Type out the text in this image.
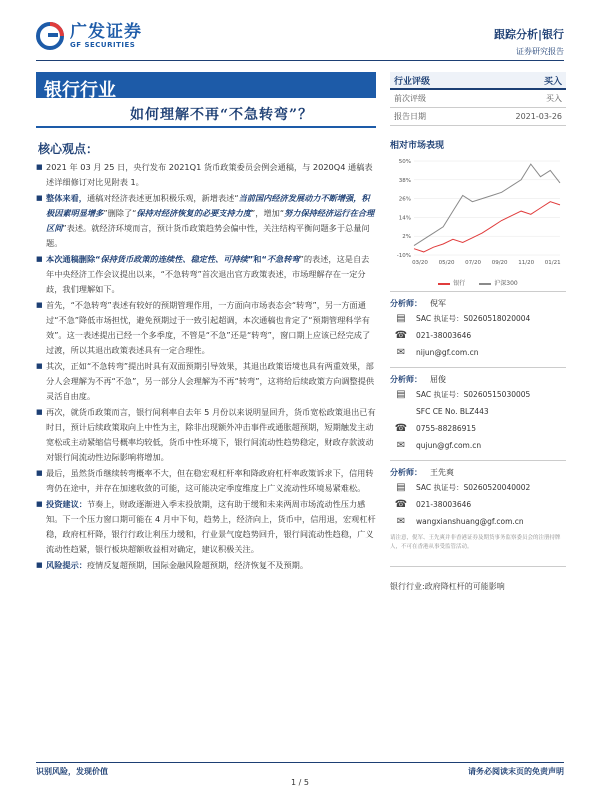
广发证券
GF SECURITIES
跟踪分析|银行
证券研究报告
银行行业
如何理解不再“不急转弯”？
核心观点：

■ 2021 年 03 月 25 日，央行发布 2021Q1 货币政策委员会例会通稿，与 2020Q4 通稿表述详细修订对比见附表 1。

■ 整体来看，通稿对经济表述更加积极乐观，新增表述“当前国内经济发展动力不断增强，积极因素明显增多”删除了“保持对经济恢复的必要支持力度”，增加“努力保持经济运行在合理区间”表述。就经济环境而言，预计货币政策趋势会偏中性，关注结构平衡问题多于总量问题。

■ 本次通稿删除“保持货币政策的连续性、稳定性、可持续”和“不急转弯”的表述，这是自去年中央经济工作会议提出以来，“不急转弯”首次退出官方政策表述，市场理解存在一定分歧，我们理解如下。

■ 首先，“不急转弯”表述有较好的预期管理作用，一方面向市场表态会“转弯”，另一方面通过“不急”降低市场担忧，避免预期过于一致引起超调，本次通稿也肯定了“预期管理科学有效”。这一表述提出已经一个多季度，不管是“不急”还是“转弯”，窗口期上应该已经完成了过渡，所以其退出政策表述具有一定合理性。

■ 其次，正如“不急转弯”提出时具有双面预期引导效果，其退出政策语境也具有两重效果，部分人会理解为不再“不急”，另一部分人会理解为不再“转弯”，这将给后续政策方向调整提供灵活自由度。

■ 再次，就货币政策而言，银行间利率自去年 5 月份以来说明显回升，货币宽松政策退出已有时日，预计后续政策取向上中性为主，除非出现额外冲击事件或通胀超预期，短期触发主动宽松或主动紧缩信号概率均较低，货币中性环境下，银行间流动性趋势稳定，财政存款波动对银行间流动性边际影响将增加。

■ 最后，虽然货币继续转弯概率不大，但在稳宏观杠杆率和降政府杠杆率政策诉求下，信用转弯仍在途中，并存在加速收敛的可能，这可能决定季度维度上广义流动性环境易紧难松。

■ 投资建议：节奏上，财政逐渐进入季末投放期，这有助于缓和未来两周市场流动性压力感知。下一个压力窗口期可能在 4 月中下旬，趋势上，经济向上，货币中，信用退，宏观杠杆稳，政府杠杆降，银行行政让利压力缓和，行业景气度趋势回升，银行间流动性趋稳，广义流动性趋紧，银行板块超额收益相对确定，建议积极关注。

■ 风险提示：疫情反复超预期，国际金融风险超预期，经济恢复不及预期。

行业评级	买入
前次评级	买入
报告日期	2021-03-26
相对市场表现
-10%
2%
14%
26%
38%
50%
03/20 05/20 07/20 09/20 11/20 01/21
银行	沪深300
分析师：	倪军
▤	SAC 执证号：S0260518020004
☎ 021-38003646
✉	nijun@gf.com.cn
分析师：	屈俊
▤	SAC 执证号：S0260515030005
SFC CE No. BLZ443
☎ 0755-88286915
✉	qujun@gf.com.cn
分析师：	王先爽
▤	SAC 执证号：S0260520040002
☎ 021-38003646
✉	wangxianshuang@gf.com.cn
请注意，倪军、王先爽并非香港证券及期货事务监察委员会的注册持牌人，不可在香港从事受监管活动。
银行行业:政府降杠杆的可能影响
识别风险，发现价值	请务必阅读末页的免责声明
1 / 5
